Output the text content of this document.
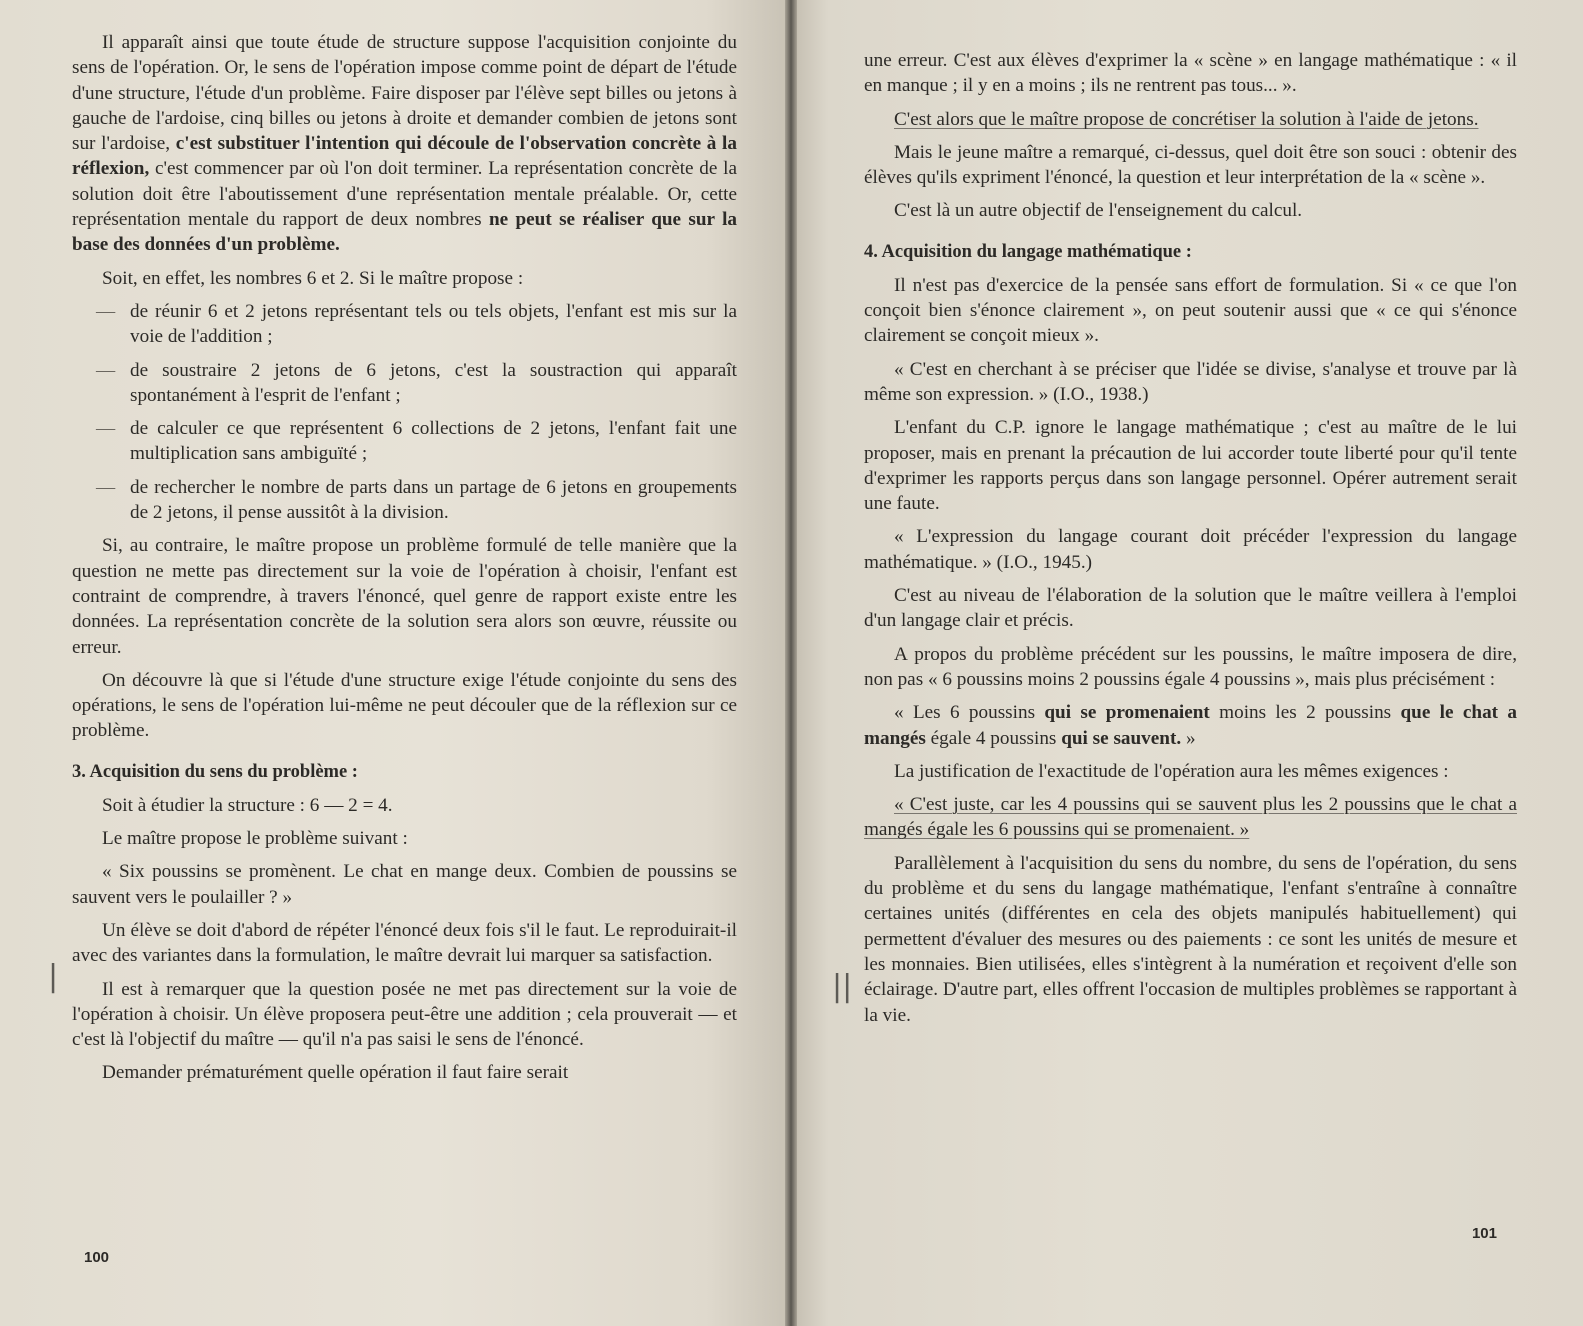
Il apparaît ainsi que toute étude de structure suppose l'acquisition conjointe du sens de l'opération. Or, le sens de l'opération impose comme point de départ de l'étude d'une structure, l'étude d'un problème. Faire disposer par l'élève sept billes ou jetons à gauche de l'ardoise, cinq billes ou jetons à droite et demander combien de jetons sont sur l'ardoise, c'est substituer l'intention qui découle de l'observation concrète à la réflexion, c'est commencer par où l'on doit terminer. La représentation concrète de la solution doit être l'aboutissement d'une représentation mentale préalable. Or, cette représentation mentale du rapport de deux nombres ne peut se réaliser que sur la base des données d'un problème.

Soit, en effet, les nombres 6 et 2. Si le maître propose :

— de réunir 6 et 2 jetons représentant tels ou tels objets, l'enfant est mis sur la voie de l'addition ;
— de soustraire 2 jetons de 6 jetons, c'est la soustraction qui apparaît spontanément à l'esprit de l'enfant ;
— de calculer ce que représentent 6 collections de 2 jetons, l'enfant fait une multiplication sans ambiguïté ;
— de rechercher le nombre de parts dans un partage de 6 jetons en groupements de 2 jetons, il pense aussitôt à la division.

Si, au contraire, le maître propose un problème formulé de telle manière que la question ne mette pas directement sur la voie de l'opération à choisir, l'enfant est contraint de comprendre, à travers l'énoncé, quel genre de rapport existe entre les données. La représentation concrète de la solution sera alors son œuvre, réussite ou erreur.

On découvre là que si l'étude d'une structure exige l'étude conjointe du sens des opérations, le sens de l'opération lui-même ne peut découler que de la réflexion sur ce problème.

3. Acquisition du sens du problème :

Soit à étudier la structure : 6 — 2 = 4.

Le maître propose le problème suivant :

« Six poussins se promènent. Le chat en mange deux. Combien de poussins se sauvent vers le poulailler ? »

Un élève se doit d'abord de répéter l'énoncé deux fois s'il le faut. Le reproduirait-il avec des variantes dans la formulation, le maître devrait lui marquer sa satisfaction.

Il est à remarquer que la question posée ne met pas directement sur la voie de l'opération à choisir. Un élève proposera peut-être une addition ; cela prouverait — et c'est là l'objectif du maître — qu'il n'a pas saisi le sens de l'énoncé.

Demander prématurément quelle opération il faut faire serait

100
|

une erreur. C'est aux élèves d'exprimer la « scène » en langage mathématique : « il en manque ; il y en a moins ; ils ne rentrent pas tous... ».

C'est alors que le maître propose de concrétiser la solution à l'aide de jetons.

Mais le jeune maître a remarqué, ci-dessus, quel doit être son souci : obtenir des élèves qu'ils expriment l'énoncé, la question et leur interprétation de la « scène ».

C'est là un autre objectif de l'enseignement du calcul.

4. Acquisition du langage mathématique :

Il n'est pas d'exercice de la pensée sans effort de formulation. Si « ce que l'on conçoit bien s'énonce clairement », on peut soutenir aussi que « ce qui s'énonce clairement se conçoit mieux ».

« C'est en cherchant à se préciser que l'idée se divise, s'analyse et trouve par là même son expression. » (I.O., 1938.)

L'enfant du C.P. ignore le langage mathématique ; c'est au maître de le lui proposer, mais en prenant la précaution de lui accorder toute liberté pour qu'il tente d'exprimer les rapports perçus dans son langage personnel. Opérer autrement serait une faute.

« L'expression du langage courant doit précéder l'expression du langage mathématique. » (I.O., 1945.)

C'est au niveau de l'élaboration de la solution que le maître veillera à l'emploi d'un langage clair et précis.

A propos du problème précédent sur les poussins, le maître imposera de dire, non pas « 6 poussins moins 2 poussins égale 4 poussins », mais plus précisément :

« Les 6 poussins qui se promenaient moins les 2 poussins que le chat a mangés égale 4 poussins qui se sauvent. »

La justification de l'exactitude de l'opération aura les mêmes exigences :

« C'est juste, car les 4 poussins qui se sauvent plus les 2 poussins que le chat a mangés égale les 6 poussins qui se promenaient. »

Parallèlement à l'acquisition du sens du nombre, du sens de l'opération, du sens du problème et du sens du langage mathématique, l'enfant s'entraîne à connaître certaines unités (différentes en cela des objets manipulés habituellement) qui permettent d'évaluer des mesures ou des paiements : ce sont les unités de mesure et les monnaies. Bien utilisées, elles s'intègrent à la numération et reçoivent d'elle son éclairage. D'autre part, elles offrent l'occasion de multiples problèmes se rapportant à la vie.

101
||
